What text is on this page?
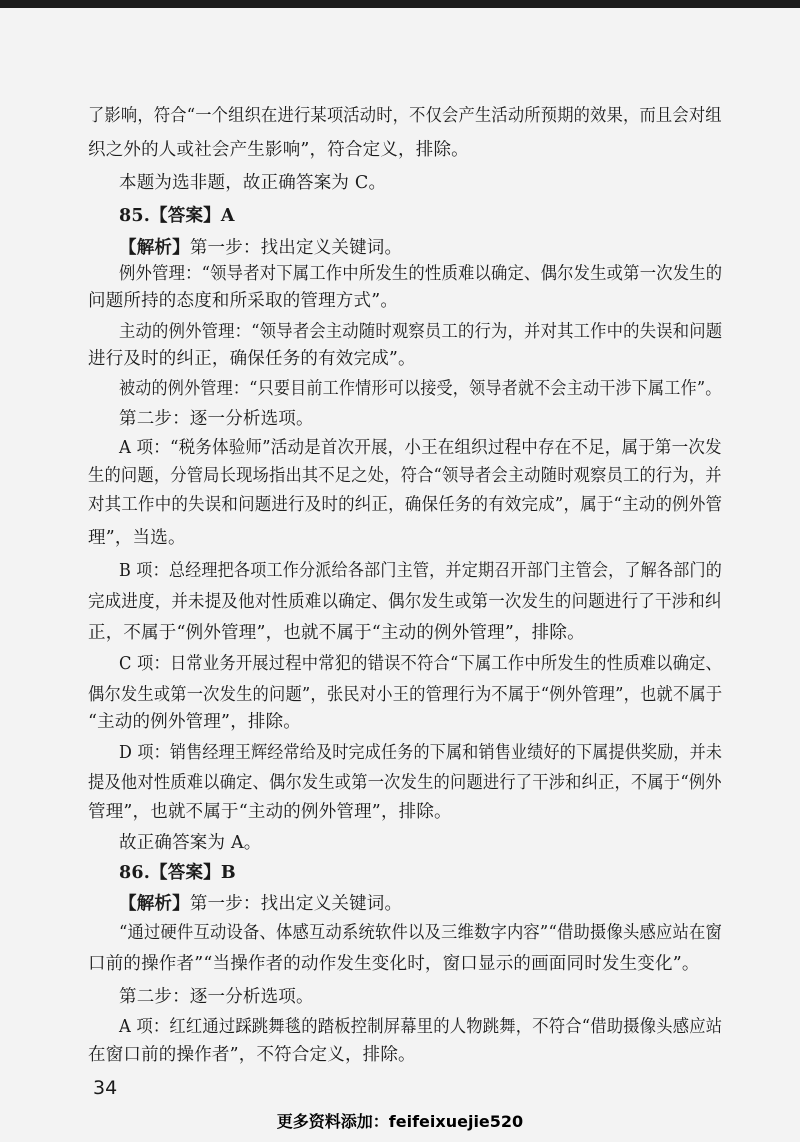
了影响，符合“一个组织在进行某项活动时，不仅会产生活动所预期的效果，而且会对组
织之外的人或社会产生影响”，符合定义，排除。
本题为选非题，故正确答案为 C。
85.【答案】A
【解析】第一步：找出定义关键词。
例外管理：“领导者对下属工作中所发生的性质难以确定、偶尔发生或第一次发生的
问题所持的态度和所采取的管理方式”。
主动的例外管理：“领导者会主动随时观察员工的行为，并对其工作中的失误和问题
进行及时的纠正，确保任务的有效完成”。
被动的例外管理：“只要目前工作情形可以接受，领导者就不会主动干涉下属工作”。
第二步：逐一分析选项。
A 项：“税务体验师”活动是首次开展，小王在组织过程中存在不足，属于第一次发
生的问题，分管局长现场指出其不足之处，符合“领导者会主动随时观察员工的行为，并
对其工作中的失误和问题进行及时的纠正，确保任务的有效完成”，属于“主动的例外管
理”，当选。
B 项：总经理把各项工作分派给各部门主管，并定期召开部门主管会，了解各部门的
完成进度，并未提及他对性质难以确定、偶尔发生或第一次发生的问题进行了干涉和纠
正，不属于“例外管理”，也就不属于“主动的例外管理”，排除。
C 项：日常业务开展过程中常犯的错误不符合“下属工作中所发生的性质难以确定、
偶尔发生或第一次发生的问题”，张民对小王的管理行为不属于“例外管理”，也就不属于
“主动的例外管理”，排除。
D 项：销售经理王辉经常给及时完成任务的下属和销售业绩好的下属提供奖励，并未
提及他对性质难以确定、偶尔发生或第一次发生的问题进行了干涉和纠正，不属于“例外
管理”，也就不属于“主动的例外管理”，排除。
故正确答案为 A。
86.【答案】B
【解析】第一步：找出定义关键词。
“通过硬件互动设备、体感互动系统软件以及三维数字内容”“借助摄像头感应站在窗
口前的操作者”“当操作者的动作发生变化时，窗口显示的画面同时发生变化”。
第二步：逐一分析选项。
A 项：红红通过踩跳舞毯的踏板控制屏幕里的人物跳舞，不符合“借助摄像头感应站
在窗口前的操作者”，不符合定义，排除。
34
更多资料添加：feifeixuejie520
